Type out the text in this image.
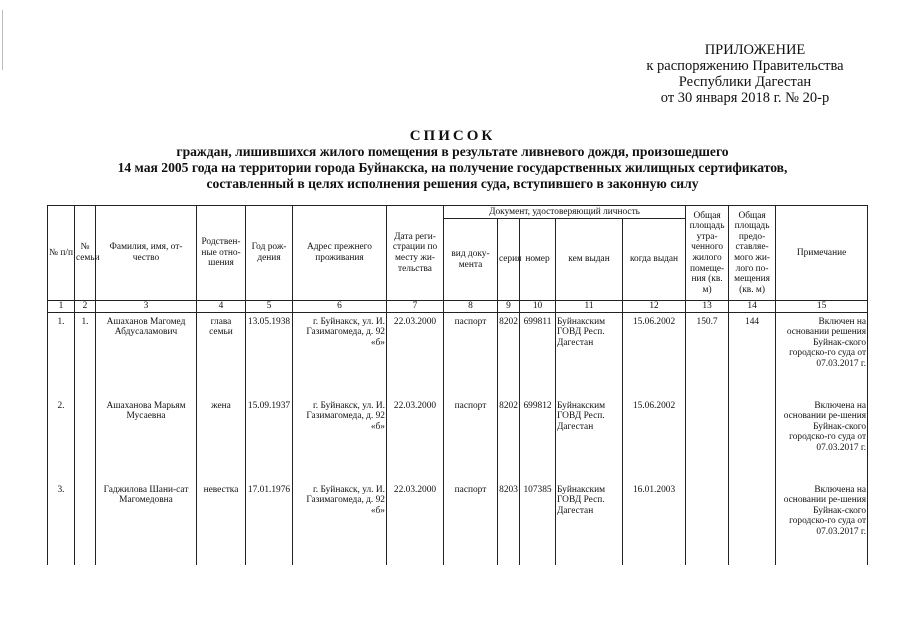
ПРИЛОЖЕНИЕ
к распоряжению Правительства
Республики Дагестан
от 30 января 2018 г. № 20-р
СПИСОК
граждан, лишившихся жилого помещения в результате ливневого дождя, произошедшего
14 мая 2005 года на территории города Буйнакска, на получение государственных жилищных сертификатов,
составленный в целях исполнения решения суда, вступившего в законную силу
№ п/п	№ семьи	Фамилия, имя, от-чество	Родствен-ные отно-шения	Год рож-дения	Адрес прежнего проживания	Дата реги-страции по месту жи-тельства	Документ, удостоверяющий личность					Общая площадь утра-ченного жилого помеще-ния (кв. м)	Общая площадь предо-ставляе-мого жи-лого по-мещения (кв. м)	Примечание
							вид доку-мента	серия	номер	кем выдан	когда выдан			
1	2	3	4	5	6	7	8	9	10	11	12	13	14	15
1.	1.	Ашаханов Магомед Абдусаламович	глава семьи	13.05.1938	г. Буйнакск, ул. И. Газимагомеда, д. 92 «б»	22.03.2000	паспорт	8202	699811	Буйнакским ГОВД Респ. Дагестан	15.06.2002	150.7	144	Включен на основании решения Буйнак-ского городско-го суда от 07.03.2017 г.
2.		Ашаханова Марьям Мусаевна	жена	15.09.1937	г. Буйнакск, ул. И. Газимагомеда, д. 92 «б»	22.03.2000	паспорт	8202	699812	Буйнакским ГОВД Респ. Дагестан	15.06.2002			Включена на основании ре-шения Буйнак-ского городско-го суда от 07.03.2017 г.
3.		Гаджилова Шани-сат Магомедовна	невестка	17.01.1976	г. Буйнакск, ул. И. Газимагомеда, д. 92 «б»	22.03.2000	паспорт	8203	107385	Буйнакским ГОВД Респ. Дагестан	16.01.2003			Включена на основании ре-шения Буйнак-ского городско-го суда от 07.03.2017 г.
